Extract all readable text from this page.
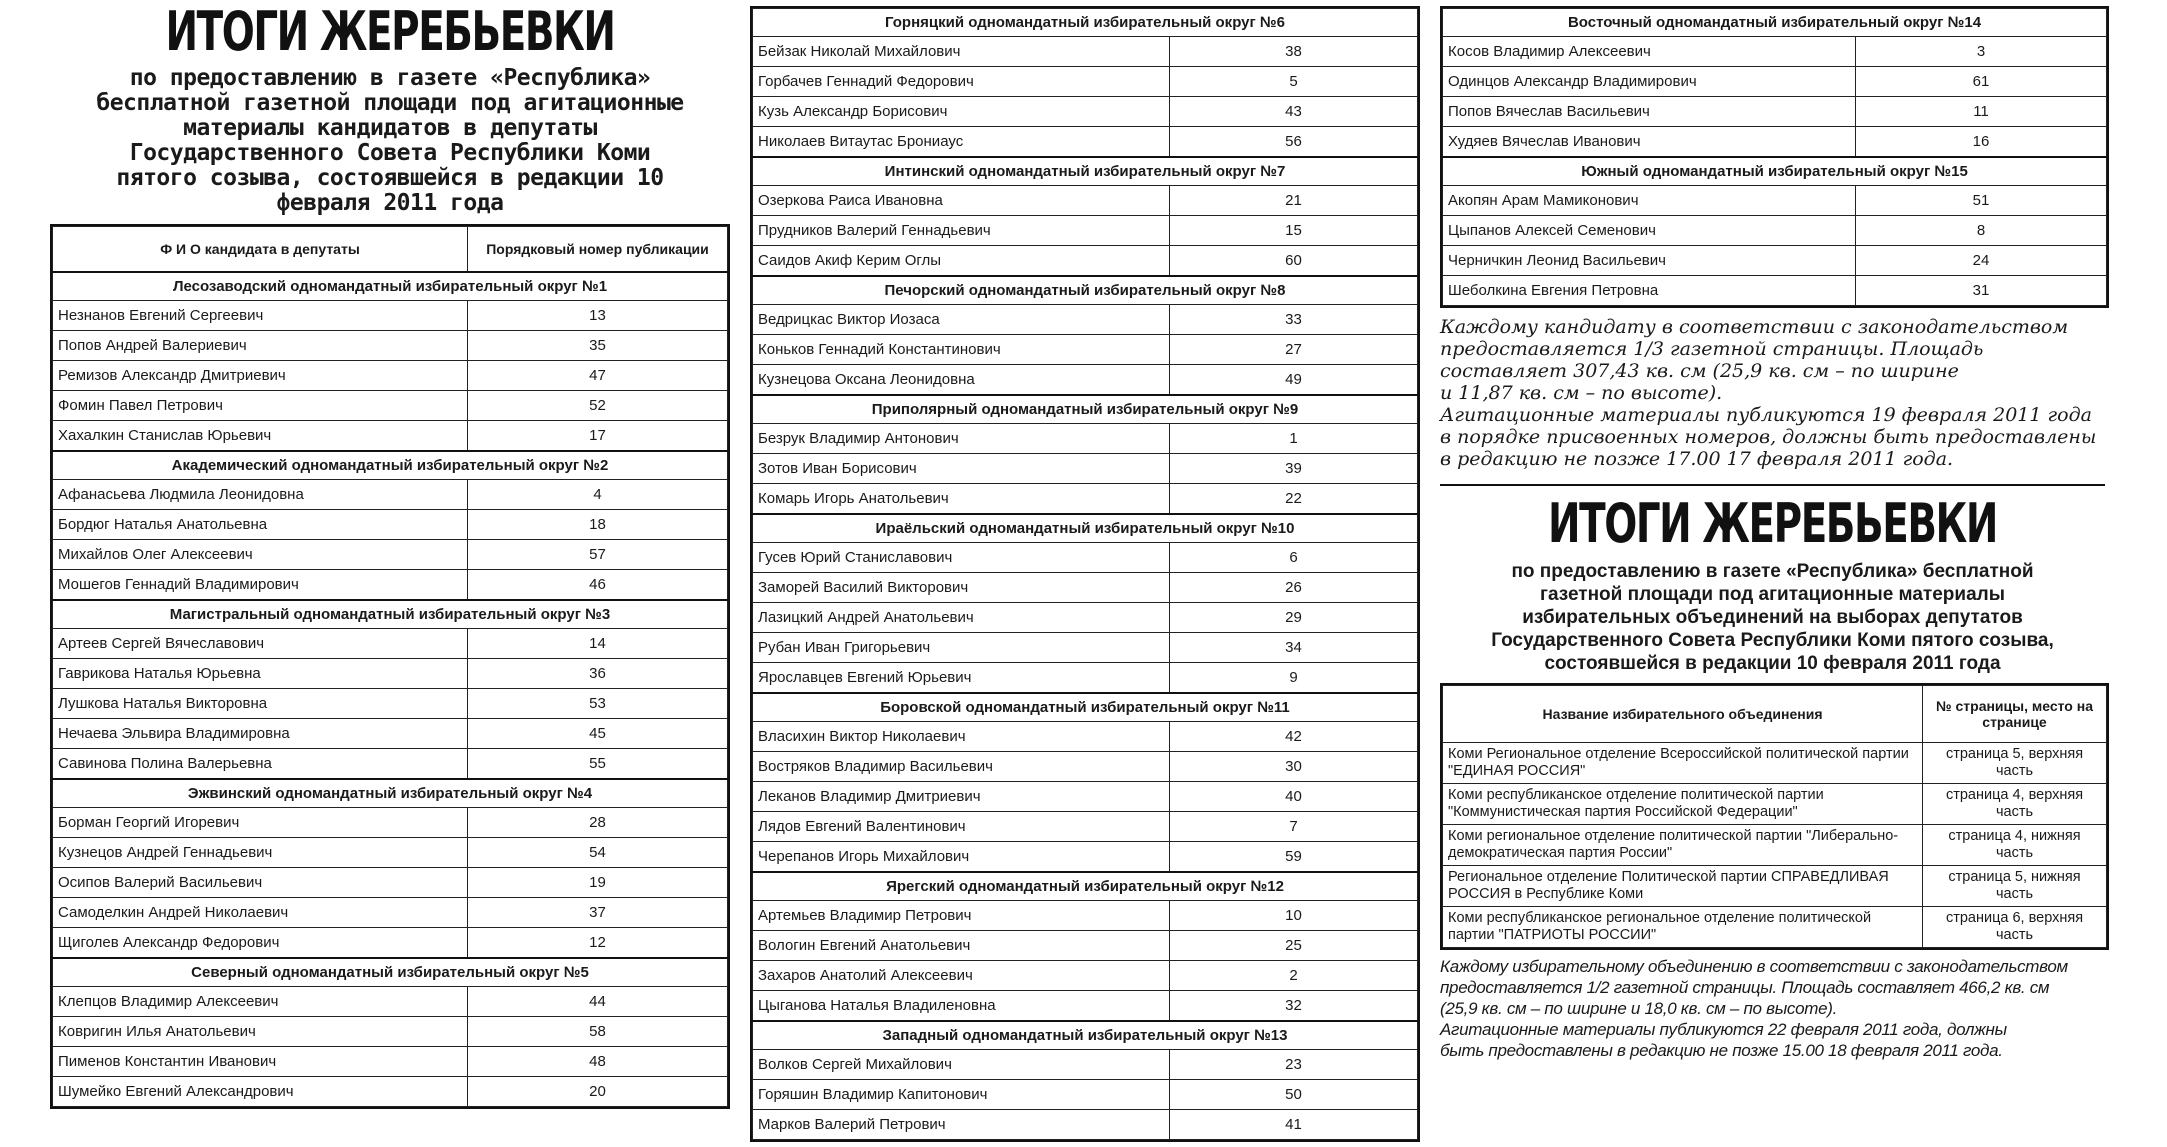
ИТОГИ ЖЕРЕБЬЕВКИ
по предоставлению в газете «Республика» бесплатной газетной площади под агитационные материалы кандидатов в депутаты Государственного Совета Республики Коми пятого созыва, состоявшейся в редакции 10 февраля 2011 года
Ф И О кандидата в депутаты	Порядковый номер публикации
Лесозаводский одномандатный избирательный округ №1	
Незнанов Евгений Сергеевич	13
Попов Андрей Валериевич	35
Ремизов Александр Дмитриевич	47
Фомин Павел Петрович	52
Хахалкин Станислав Юрьевич	17
Академический одномандатный избирательный округ №2	
Афанасьева Людмила Леонидовна	4
Бордюг Наталья Анатольевна	18
Михайлов Олег Алексеевич	57
Мошегов Геннадий Владимирович	46
Магистральный одномандатный избирательный округ №3	
Артеев Сергей Вячеславович	14
Гаврикова Наталья Юрьевна	36
Лушкова Наталья Викторовна	53
Нечаева Эльвира Владимировна	45
Савинова Полина Валерьевна	55
Эжвинский одномандатный избирательный округ №4	
Борман Георгий Игоревич	28
Кузнецов Андрей Геннадьевич	54
Осипов Валерий Васильевич	19
Самоделкин Андрей Николаевич	37
Щиголев Александр Федорович	12
Северный одномандатный избирательный округ №5	
Клепцов Владимир Алексеевич	44
Ковригин Илья Анатольевич	58
Пименов Константин Иванович	48
Шумейко Евгений Александрович	20
Горняцкий одномандатный избирательный округ №6	
Бейзак Николай Михайлович	38
Горбачев Геннадий Федорович	5
Кузь Александр Борисович	43
Николаев Витаутас Брониаус	56
Интинский одномандатный избирательный округ №7	
Озеркова Раиса Ивановна	21
Прудников Валерий Геннадьевич	15
Саидов Акиф Керим Оглы	60
Печорский одномандатный избирательный округ №8	
Ведрицкас Виктор Иозаса	33
Коньков Геннадий Константинович	27
Кузнецова Оксана Леонидовна	49
Приполярный одномандатный избирательный округ №9	
Безрук Владимир Антонович	1
Зотов Иван Борисович	39
Комарь Игорь Анатольевич	22
Ираёльский одномандатный избирательный округ №10	
Гусев Юрий Станиславович	6
Заморей Василий Викторович	26
Лазицкий Андрей Анатольевич	29
Рубан Иван Григорьевич	34
Ярославцев Евгений Юрьевич	9
Боровской одномандатный избирательный округ №11	
Власихин Виктор Николаевич	42
Востряков Владимир Васильевич	30
Леканов Владимир Дмитриевич	40
Лядов Евгений Валентинович	7
Черепанов Игорь Михайлович	59
Ярегский одномандатный избирательный округ №12	
Артемьев Владимир Петрович	10
Вологин Евгений Анатольевич	25
Захаров Анатолий Алексеевич	2
Цыганова Наталья Владиленовна	32
Западный одномандатный избирательный округ №13	
Волков Сергей Михайлович	23
Горяшин Владимир Капитонович	50
Марков Валерий Петрович	41
Восточный одномандатный избирательный округ №14	
Косов Владимир Алексеевич	3
Одинцов Александр Владимирович	61
Попов Вячеслав Васильевич	11
Худяев Вячеслав Иванович	16
Южный одномандатный избирательный округ №15	
Акопян Арам Мамиконович	51
Цыпанов Алексей Семенович	8
Черничкин Леонид Васильевич	24
Шеболкина Евгения Петровна	31
Каждому кандидату в соответствии с законодательством
предоставляется 1/3 газетной страницы. Площадь
составляет 307,43 кв. см (25,9 кв. см – по ширине
и 11,87 кв. см – по высоте).
Агитационные материалы публикуются 19 февраля 2011 года
в порядке присвоенных номеров, должны быть предоставлены
в редакцию не позже 17.00 17 февраля 2011 года.
ИТОГИ ЖЕРЕБЬЕВКИ
по предоставлению в газете «Республика» бесплатной газетной площади под агитационные материалы избирательных объединений на выборах депутатов Государственного Совета Республики Коми пятого созыва, состоявшейся в редакции 10 февраля 2011 года
Название избирательного объединения	№ страницы, место на странице
Коми Региональное отделение Всероссийской политической партии "ЕДИНАЯ РОССИЯ"	страница 5, верхняя часть
Коми республиканское отделение политической партии "Коммунистическая партия Российской Федерации"	страница 4, верхняя часть
Коми региональное отделение политической партии "Либерально-демократическая партия России"	страница 4, нижняя часть
Региональное отделение Политической партии СПРАВЕДЛИВАЯ РОССИЯ в Республике Коми	страница 5, нижняя часть
Коми республиканское региональное отделение политической партии "ПАТРИОТЫ РОССИИ"	страница 6, верхняя часть
Каждому избирательному объединению в соответствии с законодательством
предоставляется 1/2 газетной страницы. Площадь составляет 466,2 кв. см
(25,9 кв. см – по ширине и 18,0 кв. см – по высоте).
Агитационные материалы публикуются 22 февраля 2011 года, должны
быть предоставлены в редакцию не позже 15.00 18 февраля 2011 года.
